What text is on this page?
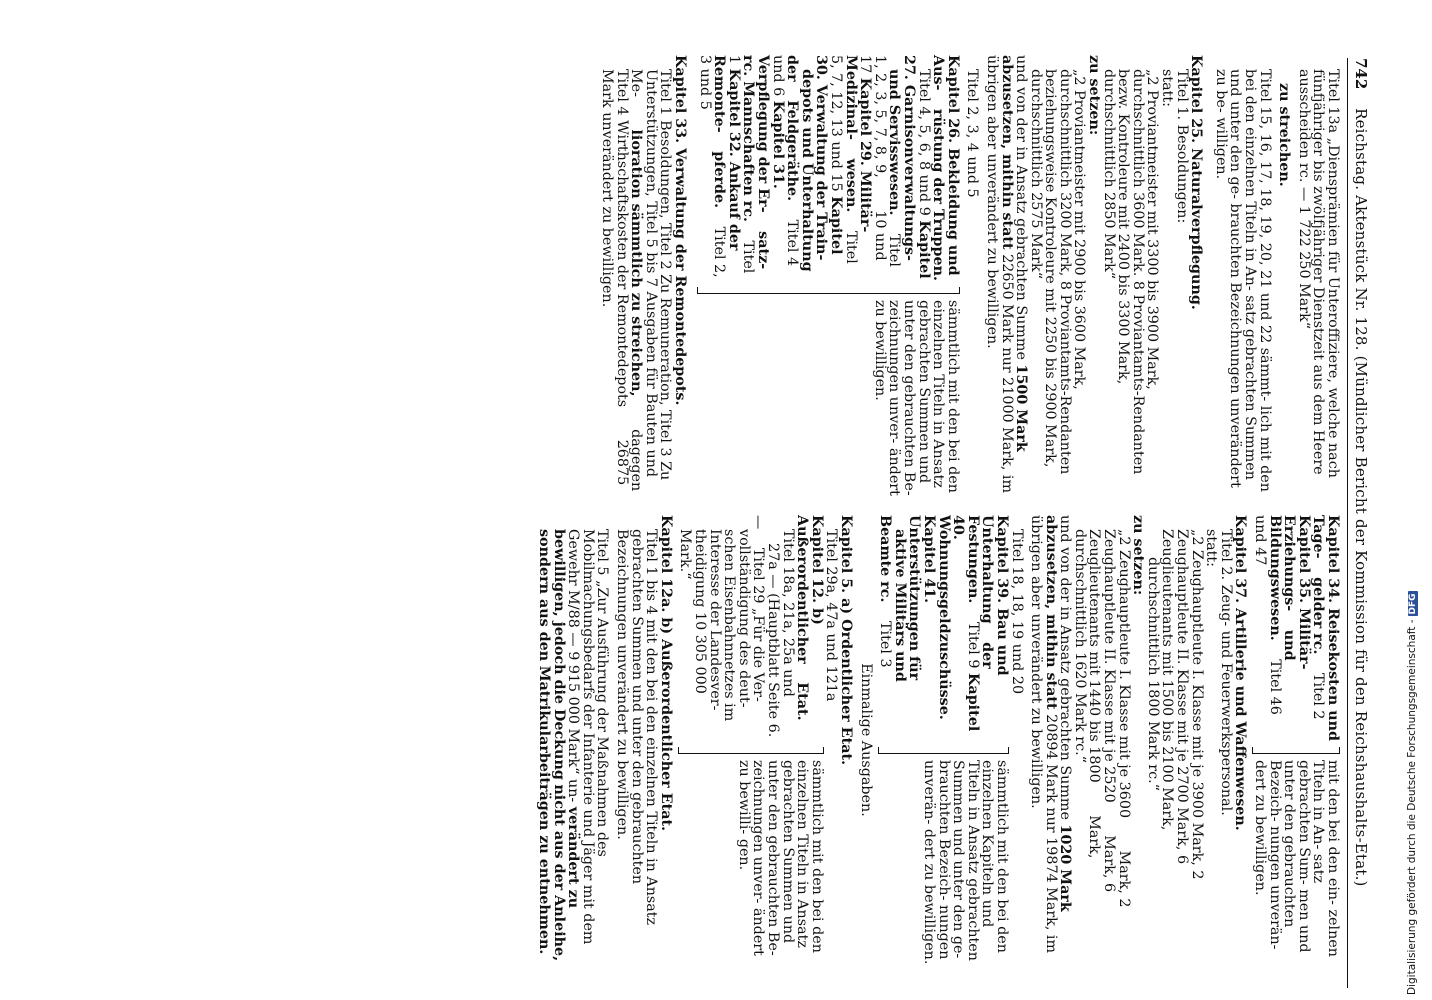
742 Reichstag. Aktenstück Nr. 128. (Mündlicher Bericht der Kommission für den Reichshaushalts-Etat.)
Titel 13a „Diensprämien für Unteroffiziere, welche nach fünfjähriger bis zwölfjähriger Dienstzeit aus dem Heere ausscheiden rc. — 1 722 250 Mark“
zu streichen.
Titel 15, 16, 17, 18, 19, 20, 21 und 22 sämmt- lich mit den bei den einzelnen Titeln in An- satz gebrachten Summen und unter den ge- brauchten Bezeichnungen unverändert zu be- willigen.
Kapitel 25. Naturalverpflegung.
Titel 1. Besoldungen:
statt:
„2 Proviantmeister mit 3300 bis 3900 Mark, durchschnittlich 3600 Mark. 8 Proviantamts-Rendanten bezw. Kontroleure mit 2400 bis 3300 Mark, durchschnittlich 2850 Mark“
zu setzen:
„2 Proviantmeister mit 2900 bis 3600 Mark, durchschnittlich 3200 Mark, 8 Proviantamts-Rendanten beziehungsweise Kontroleure mit 2250 bis 2900 Mark, durchschnittlich 2575 Mark“
und von der in Ansatz gebrachten Summe 1500 Mark abzusetzen, mithin statt 22650 Mark nur 21000 Mark, im übrigen aber unverändert zu bewilligen.
Titel 2, 3, 4 und 5
Kapitel 26. Bekleidung und Aus- rüstung der Truppen. Titel 4, 5, 6, 8 und 9 Kapitel 27. Garnisonverwaltungs- und Servisswesen. Titel 1, 2, 3, 5, 7, 8, 9, 10 und 17 Kapitel 29. Militär-Medizinal- wesen. Titel 5, 7, 12, 13 und 15 Kapitel 30. Verwaltung der Train- depots und Unterhaltung der Feldgeräthe. Titel 4 und 6 Kapitel 31. Verpflegung der Er- satz- rc. Mannschaften rc. Titel 1 Kapitel 32. Ankauf der Remonte- pferde. Titel 2, 3 und 5
sämmtlich mit den bei den einzelnen Titeln in Ansatz gebrachten Summen und unter den gebrauchten Be- zeichnungen unver- ändert zu bewilligen.
Kapitel 33. Verwaltung der Remontedepots.
Titel 1 Besoldungen, Titel 2 Zu Remuneration, Titel 3 Zu Unterstützungen, Titel 5 bis 7 Ausgaben für Bauten und Me- lioration sämmtlich zu streichen, dagegen Titel 4 Wirthschaftskosten der Remontedepots 26875 Mark unverändert zu bewilligen.
Kapitel 34. Reisekosten und Tage- gelder rc. Titel 2 Kapitel 35. Militär-Erziehungs- und Bildungswesen. Titel 46 und 47
mit den bei den ein- zelnen Titeln in An- satz gebrachten Sum- men und unter den gebrauchten Bezeich- nungen unverän- dert zu bewilligen.
Kapitel 37. Artillerie und Waffenwesen.
Titel 2. Zeug- und Feuerwerkspersonal.
statt:
„2 Zeughauptleute I. Klasse mit je 3900 Mark, 2 Zeughauptleute II. Klasse mit je 2700 Mark, 6 Zeuglieutenants mit 1500 bis 2100 Mark, durchschnittlich 1800 Mark rc.“
zu setzen:
„2 Zeughauptleute I. Klasse mit je 3600 Mark, 2 Zeughauptleute II. Klasse mit je 2520 Mark, 6 Zeuglieutenants mit 1440 bis 1800 Mark, durchschnittlich 1620 Mark rc.“
und von der in Ansatz gebrachten Summe 1020 Mark abzusetzen, mithin statt 20894 Mark nur 19874 Mark, im übrigen aber unverändert zu bewilligen.
Titel 18, 18, 19 und 20
Kapitel 39. Bau und Unterhaltung der Festungen. Titel 9 Kapitel 40. Wohnungsgeldzuschüsse. Kapitel 41. Unterstützungen für aktive Militärs und Beamte rc. Titel 3
sämmtlich mit den bei den einzelnen Kapiteln und Titeln in Ansatz gebrachten Summen und unter den ge- brauchten Bezeich- nungen unverän- dert zu bewilligen.
Einmalige Ausgaben.
Kapitel 5. a) Ordentlicher Etat.
Titel 29a, 47a und 121a
Kapitel 12. b) Außerordentlicher Etat. Titel 18a, 21a, 25a und 27a — (Hauptblatt Seite 6. — Titel 29 „Für die Ver- vollständigung des deut- schen Eisenbahnnetzes im Interesse der Landesver- theidigung 10 305 000 Mark.“
sämmtlich mit den bei den einzelnen Titeln in Ansatz gebrachten Summen und unter den gebrauchten Be- zeichnungen unver- ändert zu bewilli- gen.
Kapitel 12a. b) Außerordentlicher Etat.
Titel 1 bis 4 mit den bei den einzelnen Titeln in Ansatz gebrachten Summen und unter den gebrauchten Bezeichnungen unverändert zu bewilligen.
Titel 5 „Zur Ausführung der Maßnahmen des Mobilmachungsbedarfs der Infanterie und Jäger mit dem Gewehr M/88 — 9 915 000 Mark“ un- verändert zu bewilligen, jedoch die Deckung nicht aus der Anleihe, sondern aus den Matrikularbeiträgen zu entnehmen.	Digitalisierung gefördert durch die Deutsche Forschungsgemeinschaft -DFG
